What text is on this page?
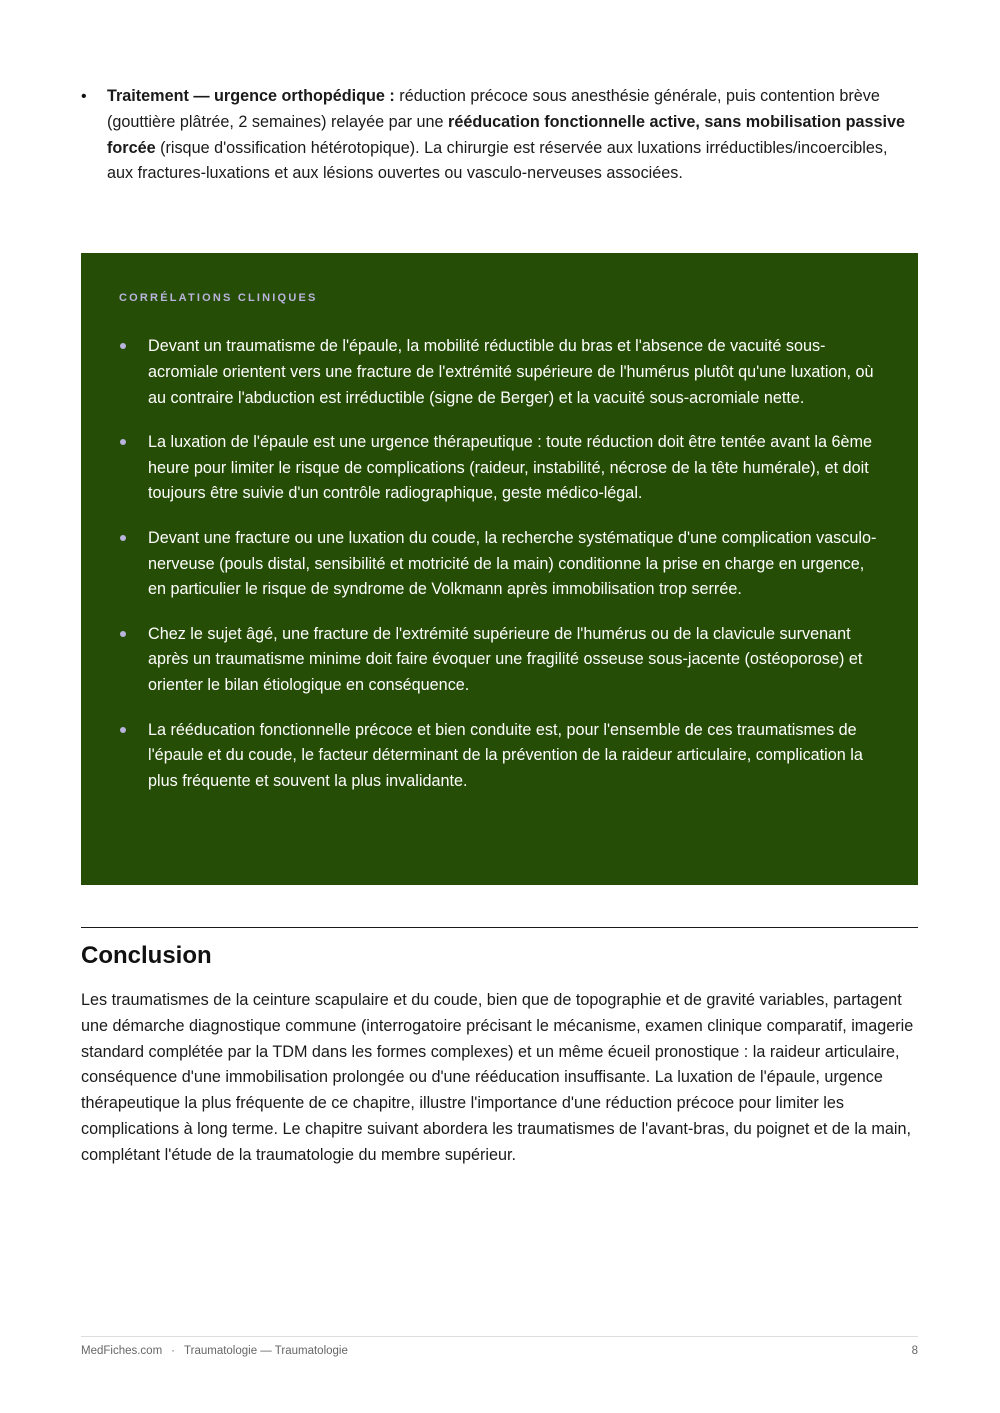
• Traitement — urgence orthopédique : réduction précoce sous anesthésie générale, puis contention brève (gouttière plâtrée, 2 semaines) relayée par une rééducation fonctionnelle active, sans mobilisation passive forcée (risque d'ossification hétérotopique). La chirurgie est réservée aux luxations irréductibles/incoercibles, aux fractures-luxations et aux lésions ouvertes ou vasculo-nerveuses associées.
CORRÉLATIONS CLINIQUES
Devant un traumatisme de l'épaule, la mobilité réductible du bras et l'absence de vacuité sous-acromiale orientent vers une fracture de l'extrémité supérieure de l'humérus plutôt qu'une luxation, où au contraire l'abduction est irréductible (signe de Berger) et la vacuité sous-acromiale nette.
La luxation de l'épaule est une urgence thérapeutique : toute réduction doit être tentée avant la 6ème heure pour limiter le risque de complications (raideur, instabilité, nécrose de la tête humérale), et doit toujours être suivie d'un contrôle radiographique, geste médico-légal.
Devant une fracture ou une luxation du coude, la recherche systématique d'une complication vasculo-nerveuse (pouls distal, sensibilité et motricité de la main) conditionne la prise en charge en urgence, en particulier le risque de syndrome de Volkmann après immobilisation trop serrée.
Chez le sujet âgé, une fracture de l'extrémité supérieure de l'humérus ou de la clavicule survenant après un traumatisme minime doit faire évoquer une fragilité osseuse sous-jacente (ostéoporose) et orienter le bilan étiologique en conséquence.
La rééducation fonctionnelle précoce et bien conduite est, pour l'ensemble de ces traumatismes de l'épaule et du coude, le facteur déterminant de la prévention de la raideur articulaire, complication la plus fréquente et souvent la plus invalidante.
Conclusion

Les traumatismes de la ceinture scapulaire et du coude, bien que de topographie et de gravité variables, partagent une démarche diagnostique commune (interrogatoire précisant le mécanisme, examen clinique comparatif, imagerie standard complétée par la TDM dans les formes complexes) et un même écueil pronostique : la raideur articulaire, conséquence d'une immobilisation prolongée ou d'une rééducation insuffisante. La luxation de l'épaule, urgence thérapeutique la plus fréquente de ce chapitre, illustre l'importance d'une réduction précoce pour limiter les complications à long terme. Le chapitre suivant abordera les traumatismes de l'avant-bras, du poignet et de la main, complétant l'étude de la traumatologie du membre supérieur.

MedFiches.com · Traumatologie — Traumatologie	8
